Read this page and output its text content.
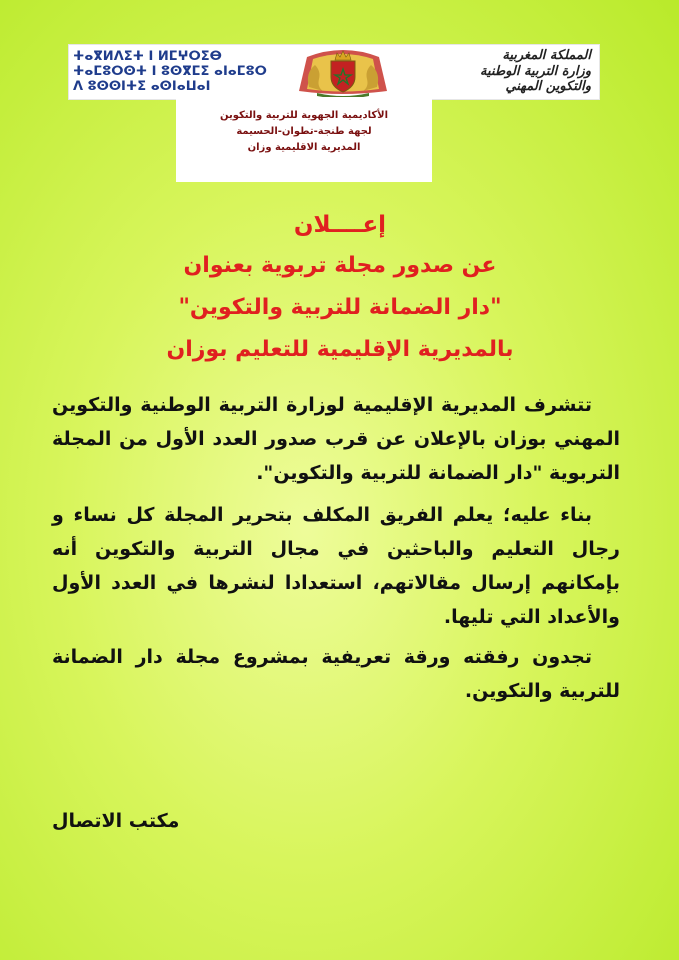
ⵜⴰⴳⵍⴷⵉⵜ ⵏ ⵍⵎⵖⵔⵉⴱ
ⵜⴰⵎⵓⵔⵙⵜ ⵏ ⵓⵙⴳⵎⵉ ⴰⵏⴰⵎⵓⵔ
ⴷ ⵓⵙⵙⵏⵜⵉ ⴰⵙⵏⴰⵡⴰⵏ
المملكة المغربية
وزارة التربية الوطنية
والتكوين المهني
الأكاديمية الجهوية للتربية والتكوين
لجهة طنجة-تطوان-الحسيمة
المديرية الاقليمية وزان
إعــــلان
عن صدور مجلة تربوية بعنوان
"دار الضمانة للتربية والتكوين"
بالمديرية الإقليمية للتعليم بوزان

تتشرف المديرية الإقليمية لوزارة التربية الوطنية والتكوين المهني بوزان بالإعلان عن قرب صدور العدد الأول من المجلة التربوية "دار الضمانة للتربية والتكوين".

بناء عليه؛ يعلم الفريق المكلف بتحرير المجلة كل نساء و رجال التعليم والباحثين في مجال التربية والتكوين أنه بإمكانهم إرسال مقالاتهم، استعدادا لنشرها في العدد الأول والأعداد التي تليها.

تجدون رفقته ورقة تعريفية بمشروع مجلة دار الضمانة للتربية والتكوين.

مكتب الاتصال
